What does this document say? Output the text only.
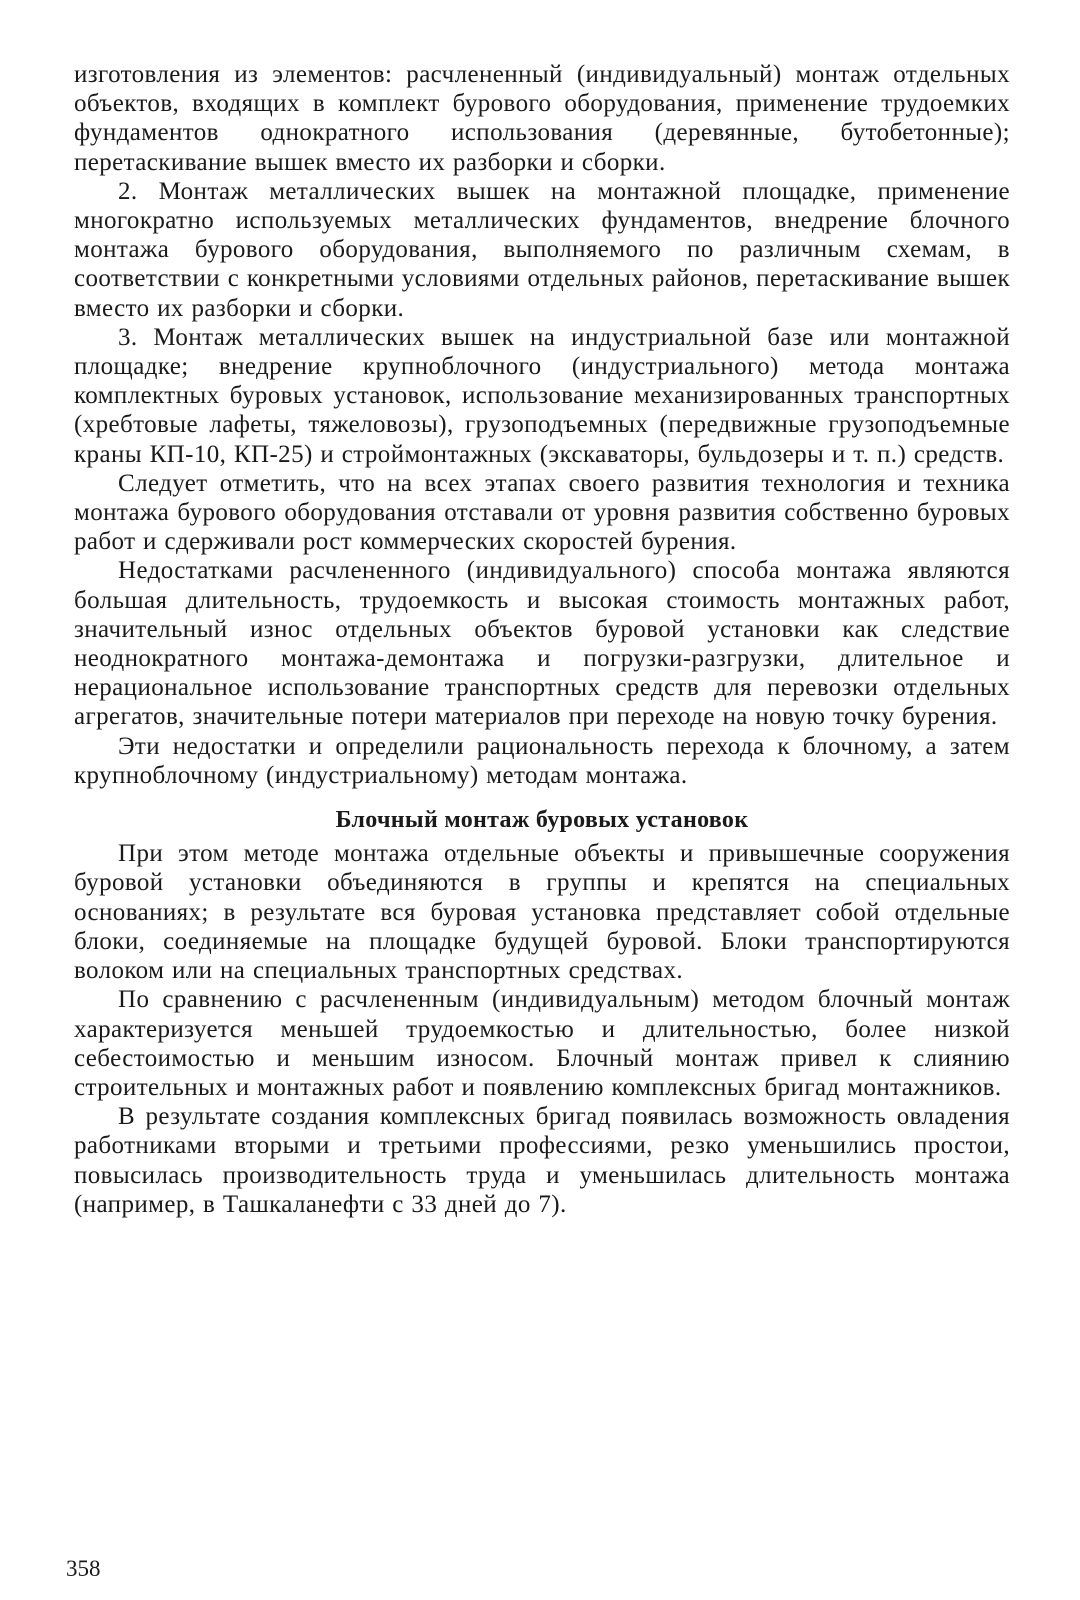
изготовления из элементов: расчлененный (индивидуальный) монтаж отдельных объектов, входящих в комплект бурового оборудования, применение трудоемких фундаментов однократного использования (деревянные, бутобетонные); перетаскивание вышек вместо их разборки и сборки.

2. Монтаж металлических вышек на монтажной площадке, применение многократно используемых металлических фундаментов, внедрение блочного монтажа бурового оборудования, выполняемого по различным схемам, в соответствии с конкретными условиями отдельных районов, перетаскивание вышек вместо их разборки и сборки.

3. Монтаж металлических вышек на индустриальной базе или монтажной площадке; внедрение крупноблочного (индустриального) метода монтажа комплектных буровых установок, использование механизированных транспортных (хребтовые лафеты, тяжеловозы), грузоподъемных (передвижные грузоподъемные краны КП-10, КП-25) и строймонтажных (экскаваторы, бульдозеры и т. п.) средств.

Следует отметить, что на всех этапах своего развития технология и техника монтажа бурового оборудования отставали от уровня развития собственно буровых работ и сдерживали рост коммерческих скоростей бурения.

Недостатками расчлененного (индивидуального) способа монтажа являются большая длительность, трудоемкость и высокая стоимость монтажных работ, значительный износ отдельных объектов буровой установки как следствие неоднократного монтажа-демонтажа и погрузки-разгрузки, длительное и нерациональное использование транспортных средств для перевозки отдельных агрегатов, значительные потери материалов при переходе на новую точку бурения.

Эти недостатки и определили рациональность перехода к блочному, а затем крупноблочному (индустриальному) методам монтажа.

Блочный монтаж буровых установок

При этом методе монтажа отдельные объекты и привышечные сооружения буровой установки объединяются в группы и крепятся на специальных основаниях; в результате вся буровая установка представляет собой отдельные блоки, соединяемые на площадке будущей буровой. Блоки транспортируются волоком или на специальных транспортных средствах.

По сравнению с расчлененным (индивидуальным) методом блочный монтаж характеризуется меньшей трудоемкостью и длительностью, более низкой себестоимостью и меньшим износом. Блочный монтаж привел к слиянию строительных и монтажных работ и появлению комплексных бригад монтажников.

В результате создания комплексных бригад появилась возможность овладения работниками вторыми и третьими профессиями, резко уменьшились простои, повысилась производительность труда и уменьшилась длительность монтажа (например, в Ташкаланефти с 33 дней до 7).

358
